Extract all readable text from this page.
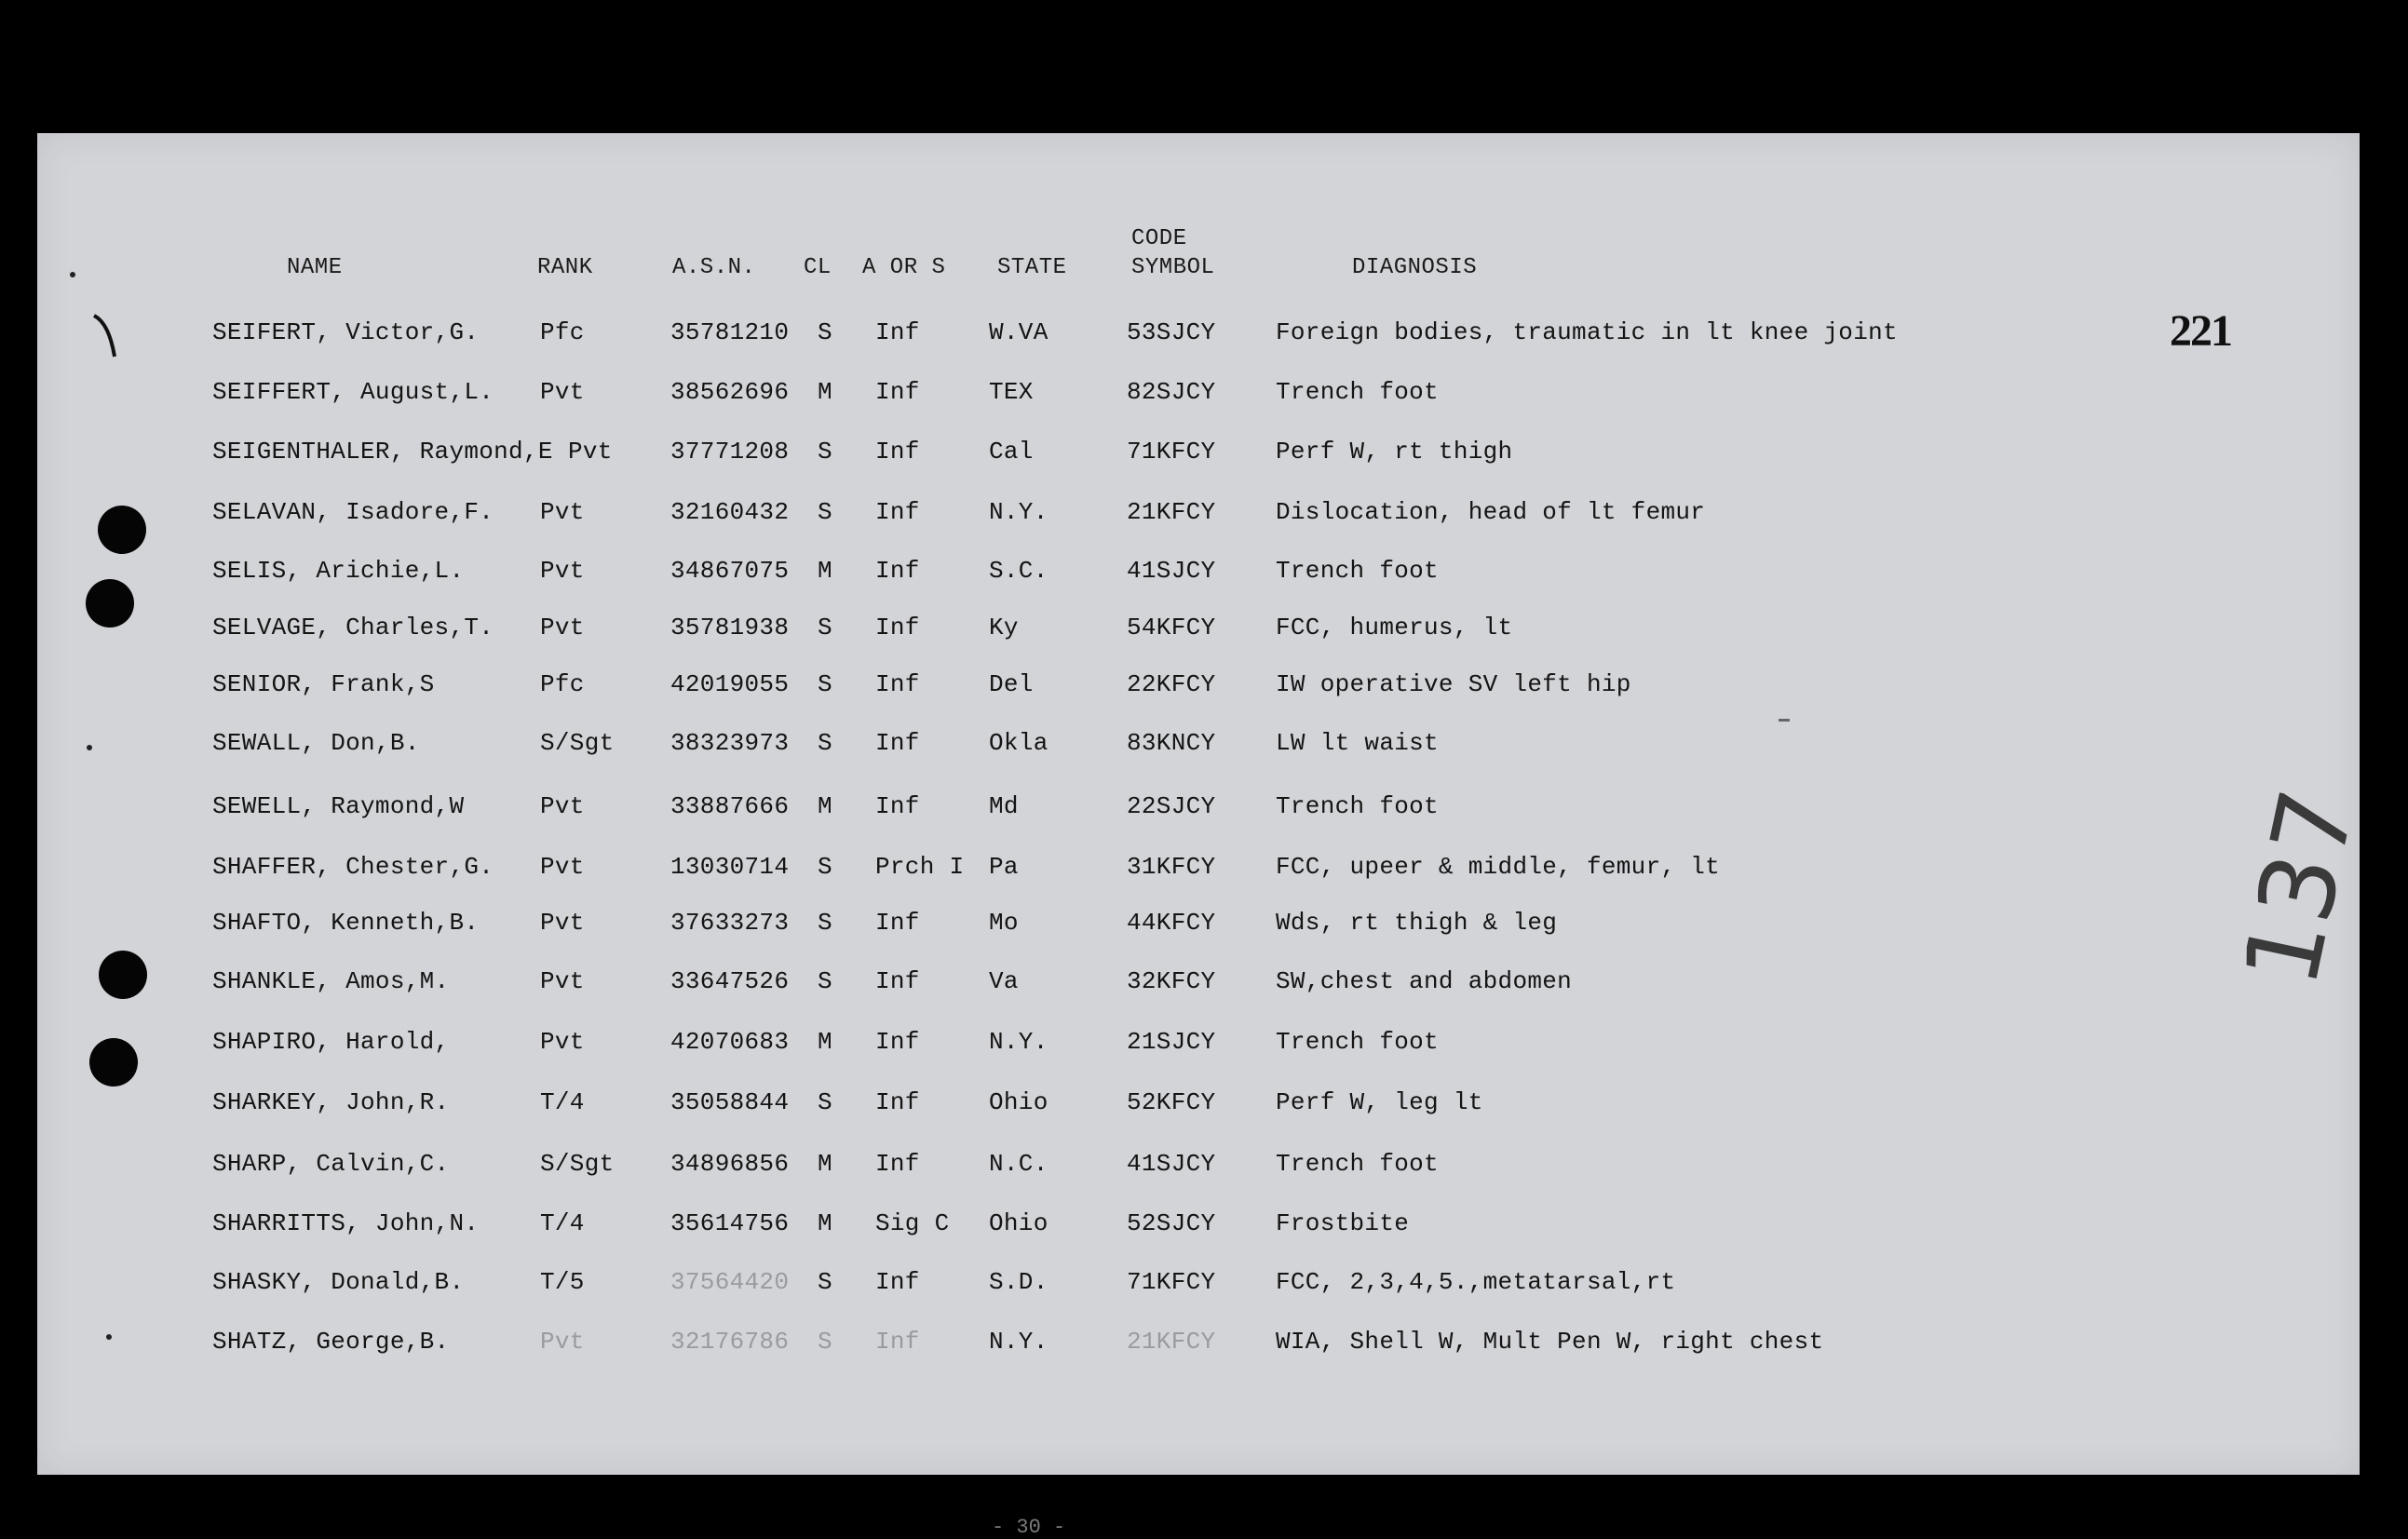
221
137
- 30 -
NAME	RANK	A.S.N. CL A OR S STATE
CODE
SYMBOL	DIAGNOSIS
SEIFERT, Victor,G.	Pfc	35781210 S Inf	W.VA	53SJCY Foreign bodies, traumatic in lt knee joint
SEIFFERT, August,L. Pvt	38562696 M Inf	TEX	82SJCY Trench foot
SEIGENTHALER, Raymond,E Pvt 37771208 S Inf	Cal	71KFCY Perf W, rt thigh
SELAVAN, Isadore,F. Pvt	32160432 S Inf	N.Y.	21KFCY Dislocation, head of lt femur
SELIS, Arichie,L.	Pvt	34867075 M Inf	S.C.	41SJCY Trench foot
SELVAGE, Charles,T. Pvt	35781938 S Inf	Ky	54KFCY FCC, humerus, lt
SENIOR, Frank,S	Pfc	42019055 S Inf	Del	22KFCY IW operative SV left hip
SEWALL, Don,B.	S/Sgt 38323973 S Inf	Okla	83KNCY LW lt waist
SEWELL, Raymond,W	Pvt	33887666 M Inf	Md	22SJCY Trench foot
SHAFFER, Chester,G. Pvt	13030714 S Prch I Pa	31KFCY FCC, upeer & middle, femur, lt
SHAFTO, Kenneth,B.	Pvt	37633273 S Inf	Mo	44KFCY Wds, rt thigh & leg
SHANKLE, Amos,M.	Pvt	33647526 S Inf	Va	32KFCY SW,chest and abdomen
SHAPIRO, Harold,	Pvt	42070683 M Inf	N.Y.	21SJCY Trench foot
SHARKEY, John,R.	T/4	35058844 S Inf	Ohio	52KFCY Perf W, leg lt
SHARP, Calvin,C.	S/Sgt 34896856 M Inf	N.C.	41SJCY Trench foot
SHARRITTS, John,N.	T/4	35614756 M Sig C Ohio	52SJCY Frostbite
SHASKY, Donald,B.	T/5	37564420 S Inf	S.D.	71KFCY FCC, 2,3,4,5.,metatarsal,rt
SHATZ, George,B.	Pvt	32176786 S Inf	N.Y.	21KFCY WIA, Shell W, Mult Pen W, right chest
